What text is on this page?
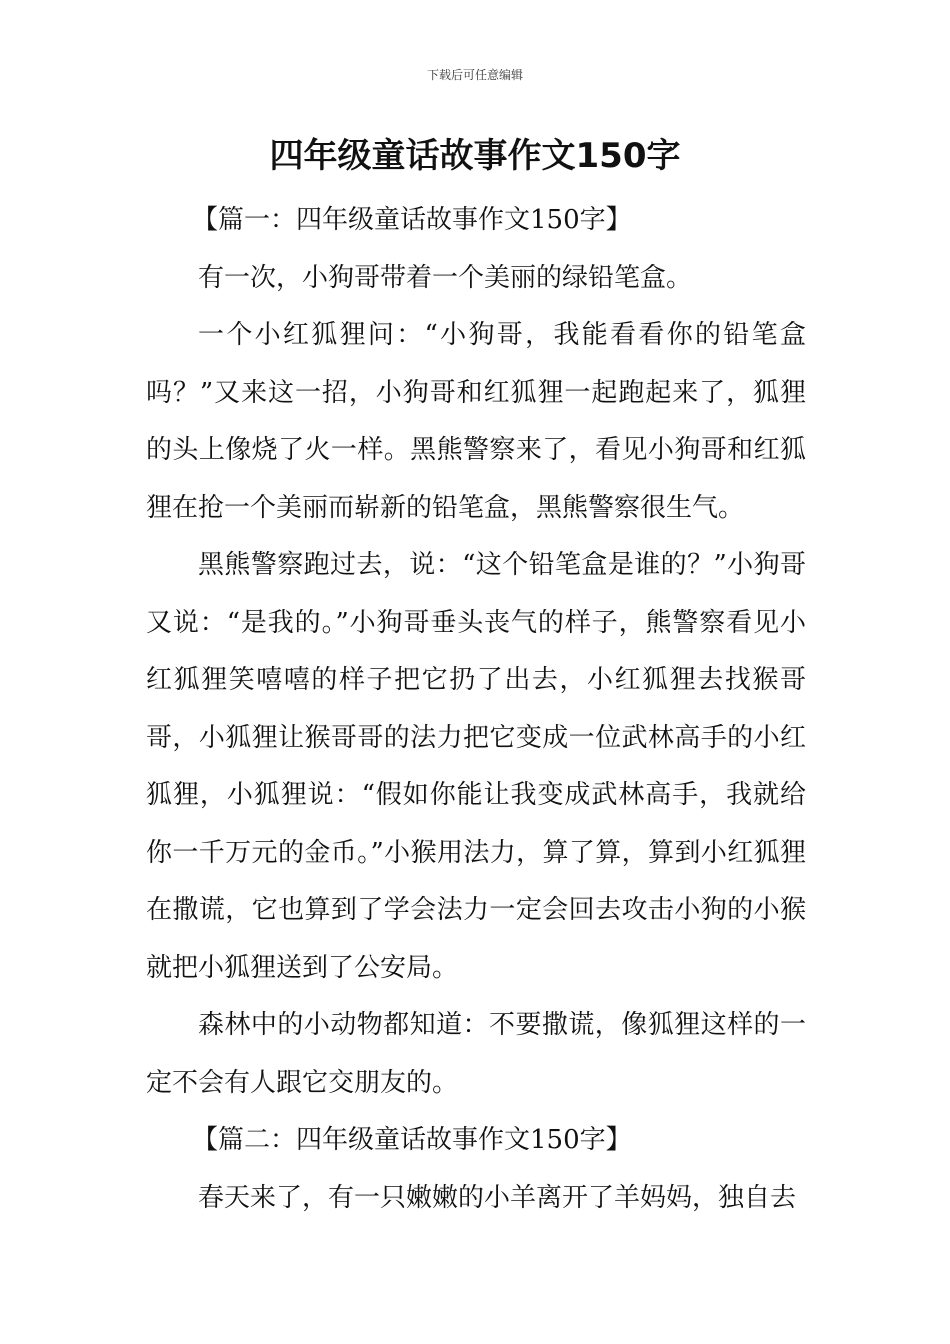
下载后可任意编辑
四年级童话故事作文150字

【篇一：四年级童话故事作文150字】

有一次，小狗哥带着一个美丽的绿铅笔盒。

一个小红狐狸问：“小狗哥，我能看看你的铅笔盒吗？”又来这一招，小狗哥和红狐狸一起跑起来了，狐狸的头上像烧了火一样。黑熊警察来了，看见小狗哥和红狐狸在抢一个美丽而崭新的铅笔盒，黑熊警察很生气。

黑熊警察跑过去，说：“这个铅笔盒是谁的？”小狗哥又说：“是我的。”小狗哥垂头丧气的样子，熊警察看见小红狐狸笑嘻嘻的样子把它扔了出去，小红狐狸去找猴哥哥，小狐狸让猴哥哥的法力把它变成一位武林高手的小红狐狸，小狐狸说：“假如你能让我变成武林高手，我就给你一千万元的金币。”小猴用法力，算了算，算到小红狐狸在撒谎，它也算到了学会法力一定会回去攻击小狗的小猴就把小狐狸送到了公安局。

森林中的小动物都知道：不要撒谎，像狐狸这样的一定不会有人跟它交朋友的。

【篇二：四年级童话故事作文150字】

春天来了，有一只嫩嫩的小羊离开了羊妈妈，独自去
